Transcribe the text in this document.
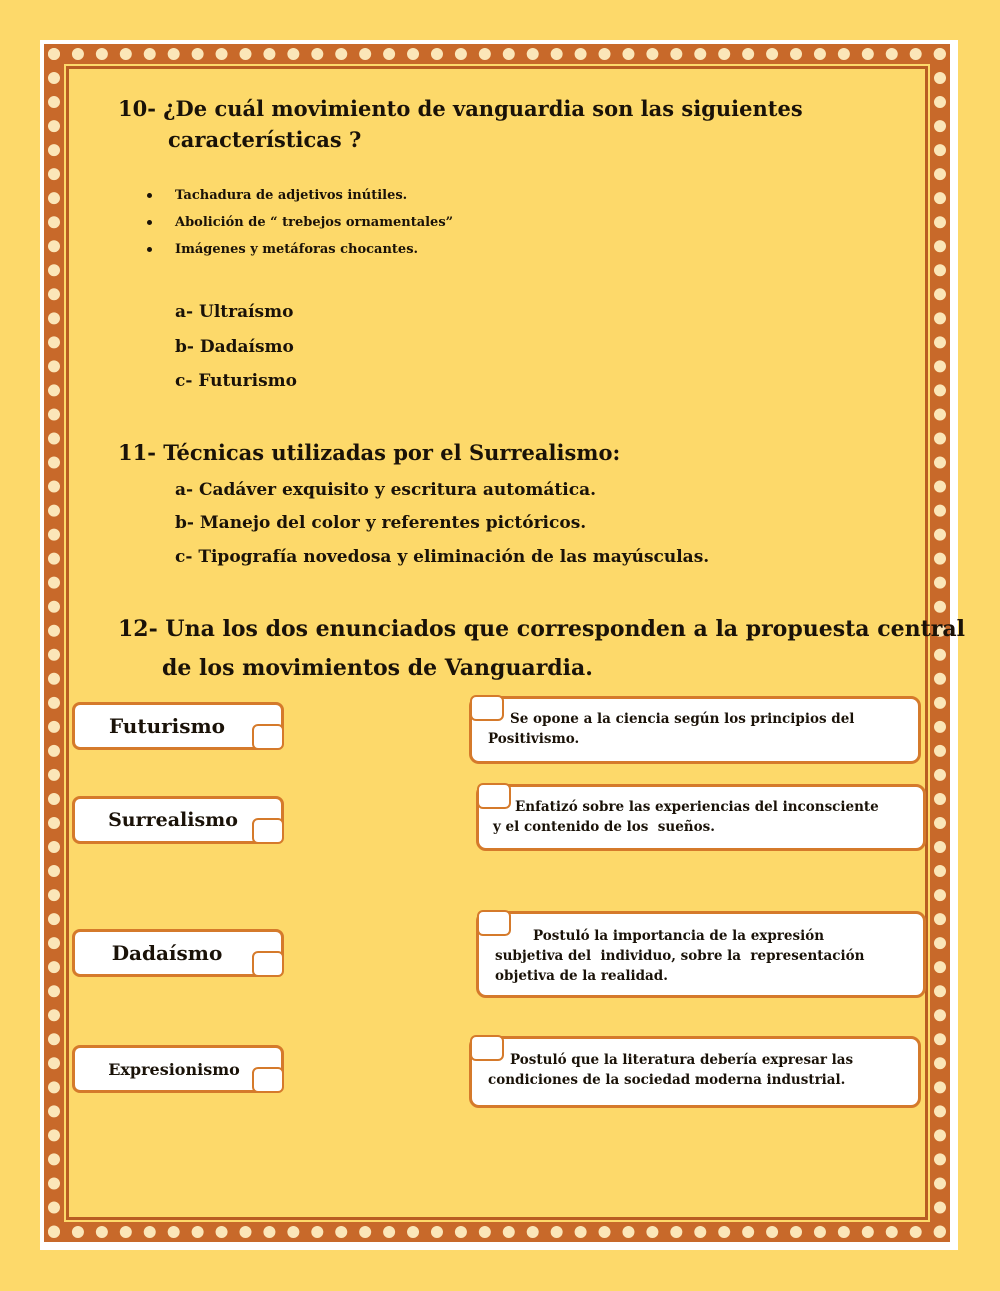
10- ¿De cuál movimiento de vanguardia son las siguientes
características ?
Tachadura de adjetivos inútiles.
Abolición de “ trebejos ornamentales”
Imágenes y metáforas chocantes.
a- Ultraísmo
b- Dadaísmo
c- Futurismo
11- Técnicas utilizadas por el Surrealismo:
a- Cadáver exquisito y escritura automática.
b- Manejo del color y referentes pictóricos.
c- Tipografía novedosa y eliminación de las mayúsculas.
12- Una los dos enunciados que corresponden a la propuesta central
de los movimientos de Vanguardia.
Futurismo
Surrealismo
Dadaísmo
Expresionismo
Se opone a la ciencia según los principios del
Positivismo.
Enfatizó sobre las experiencias del inconsciente
y el contenido de los  sueños.
Postuló la importancia de la expresión
subjetiva del  individuo, sobre la  representación
objetiva de la realidad.
Postuló que la literatura debería expresar las
condiciones de la sociedad moderna industrial.
